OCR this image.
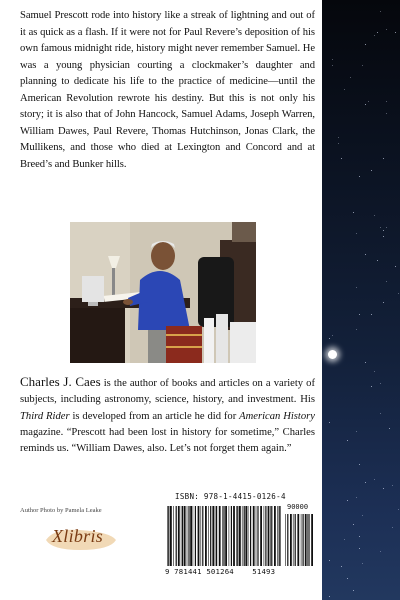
Samuel Prescott rode into history like a streak of lightning and out of it as quick as a flash. If it were not for Paul Revere’s deposition of his own famous midnight ride, history might never remember Samuel. He was a young physician courting a clockmaker’s daughter and planning to dedicate his life to the practice of medicine—until the American Revolution rewrote his destiny. But this is not only his story; it is also that of John Hancock, Samuel Adams, Joseph Warren, William Dawes, Paul Revere, Thomas Hutchinson, Jonas Clark, the Mullikens, and those who died at Lexington and Concord and at Breed’s and Bunker hills.

Charles J. Caes is the author of books and articles on a variety of subjects, including astronomy, science, history, and investment. His Third Rider is developed from an article he did for American History magazine. “Prescott had been lost in history for sometime,” Charles reminds us. “William Dawes, also. Let’s not forget them again.”

Author Photo by Pamela Leake
Xlibris
ISBN: 978-1-4415-0126-4
90000
9 781441 501264	51493
